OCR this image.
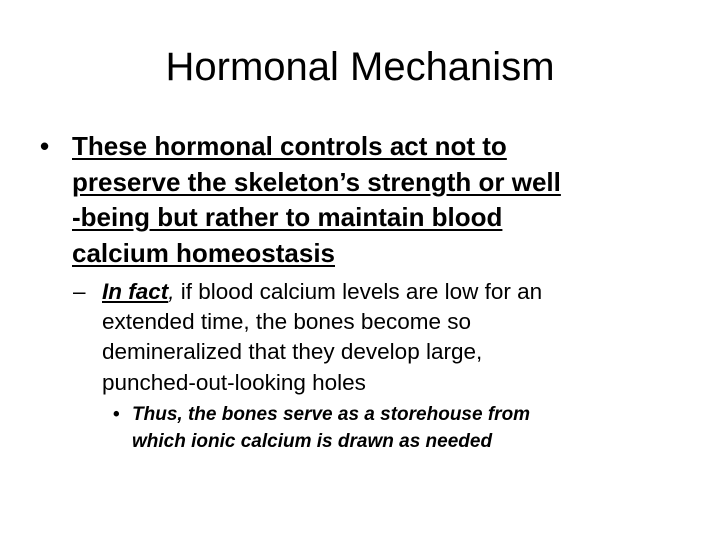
Hormonal Mechanism
• These hormonal controls act not to
preserve the skeleton’s strength or well
-being but rather to maintain blood
calcium homeostasis
– In fact, if blood calcium levels are low for an
extended time, the bones become so
demineralized that they develop large,
punched-out-looking holes
• Thus, the bones serve as a storehouse from
which ionic calcium is drawn as needed
